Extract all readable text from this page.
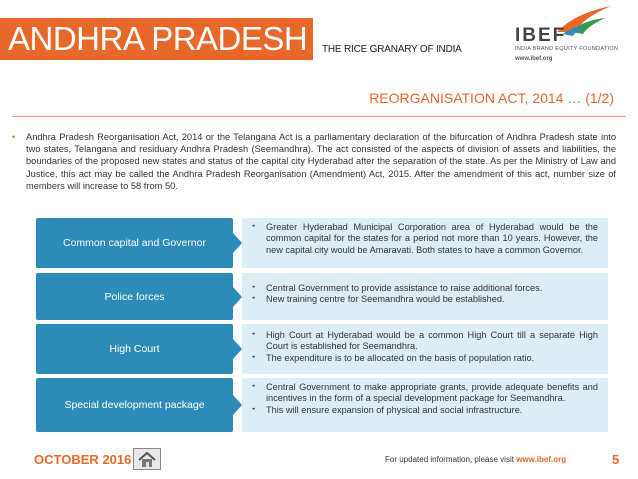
ANDHRA PRADESH	THE RICE GRANARY OF INDIA
IBEF
INDIA BRAND EQUITY FOUNDATION
www.ibef.org
REORGANISATION ACT, 2014 … (1/2)
• Andhra Pradesh Reorganisation Act, 2014 or the Telangana Act is a parliamentary declaration of the bifurcation of Andhra Pradesh state into two states, Telangana and residuary Andhra Pradesh (Seemandhra). The act consisted of the aspects of division of assets and liabilities, the boundaries of the proposed new states and status of the capital city Hyderabad after the separation of the state. As per the Ministry of Law and Justice, this act may be called the Andhra Pradesh Reorganisation (Amendment) Act, 2015. After the amendment of this act, number size of members will increase to 58 from 50.
Common capital and Governor
•• Greater Hyderabad Municipal Corporation area of Hyderabad would be the common capital for the states for a period not more than 10 years. However, the new capital city would be Amaravati. Both states to have a common Governor.
Police forces
•• Central Government to provide assistance to raise additional forces.
•• New training centre for Seemandhra would be established.
High Court
•• High Court at Hyderabad would be a common High Court till a separate High Court is established for Seemandhra.
•• The expenditure is to be allocated on the basis of population ratio.
Special development package
•• Central Government to make appropriate grants, provide adequate benefits and incentives in the form of a special development package for Seemandhra.
•• This will ensure expansion of physical and social infrastructure.
OCTOBER 2016	For updated information, please visit www.ibef.org	5
